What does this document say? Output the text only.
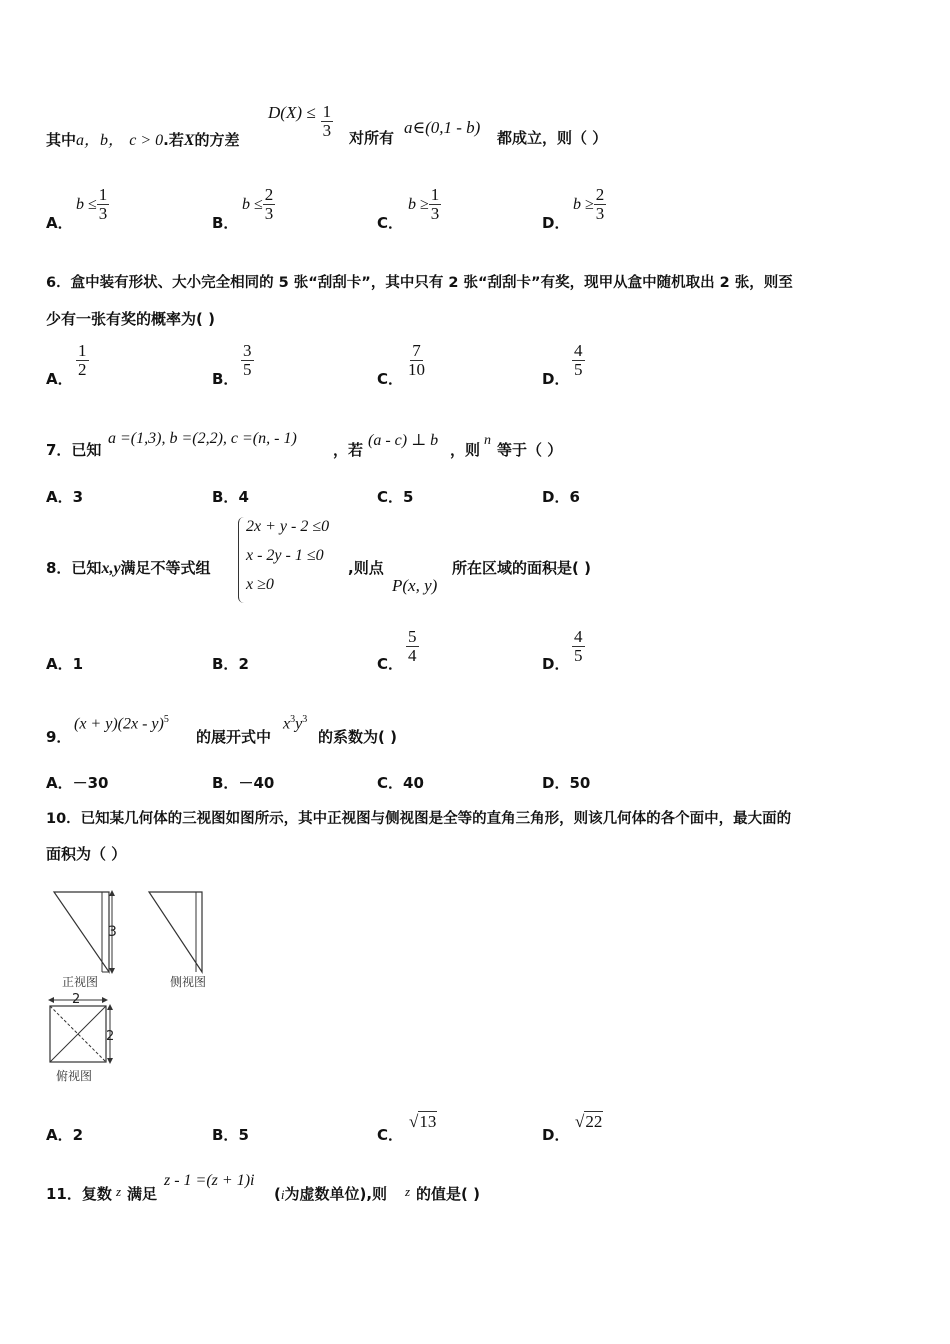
其中a，b， c > 0.若X的方差
$D(X) \le \frac{1}{3}$ 对所有
a∈(0,1 - b)
都成立，则（ ）
A．
$b \le \frac{1}{3}$
B．
$b \le \frac{2}{3}$
C．
$b \ge \frac{1}{3}$
D．
$b \ge \frac{2}{3}$
6．盒中装有形状、大小完全相同的 5 张“刮刮卡”，其中只有 2 张“刮刮卡”有奖，现甲从盒中随机取出 2 张，则至
少有一张有奖的概率为( )
A．
$\frac{1}{2}$
B．
$\frac{3}{5}$
C．
$\frac{7}{10}$
D．
$\frac{4}{5}$
7．已知
a =(1,3), b =(2,2), c =(n, - 1)
，若
(a - c) ⊥ b
，则
n
等于（ ）
A．3	B．4	C．5	D．6
8．已知x,y满足不等式组
2x + y - 2 ≤0
x - 2y - 1 ≤0
x ≥0
,则点
P(x, y)
所在区域的面积是( )
A．1	B．2	C． $\frac{5}{4}$	D． $\frac{4}{5}$
9．
(x + y)(2x - y)$^5$
的展开式中
$x^3y^3$
的系数为( )
A．－30	B．－40	C．40	D．50
10．已知某几何体的三视图如图所示，其中正视图与侧视图是全等的直角三角形，则该几何体的各个面中，最大面的
面积为（ ）
3
正视图	侧视图
2
2
俯视图
A．2	B．5	C．
√13
D．
√22
11．复数 z 满足
z - 1 =(z + 1)i
(i为虚数单位),则 z 的值是( )
